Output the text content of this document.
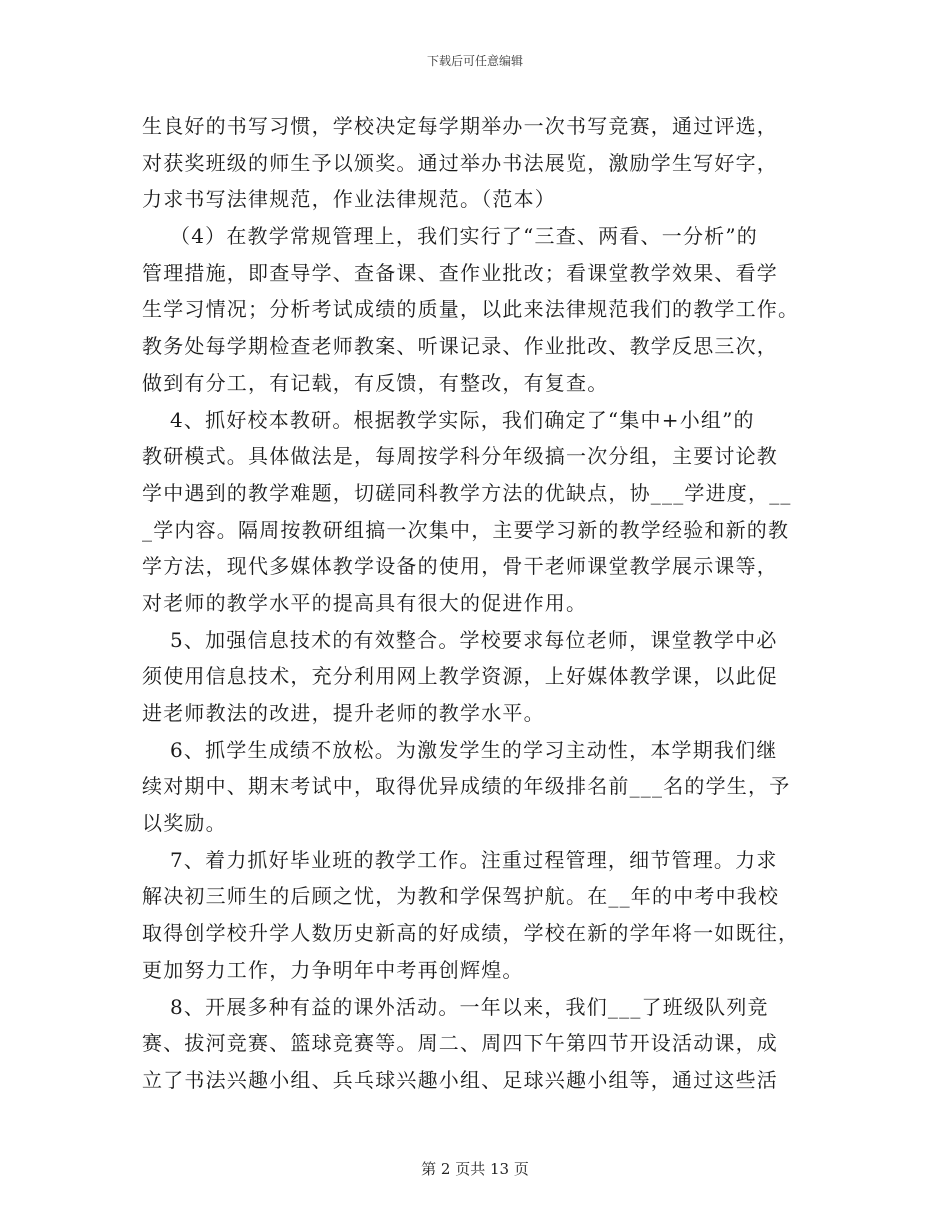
下载后可任意编辑
生良好的书写习惯，学校决定每学期举办一次书写竞赛，通过评选，
对获奖班级的师生予以颁奖。通过举办书法展览，激励学生写好字，
力求书写法律规范，作业法律规范。（范本）
（4）在教学常规管理上，我们实行了“三查、两看、一分析”的
管理措施，即查导学、查备课、查作业批改；看课堂教学效果、看学
生学习情况；分析考试成绩的质量，以此来法律规范我们的教学工作。
教务处每学期检查老师教案、听课记录、作业批改、教学反思三次，
做到有分工，有记载，有反馈，有整改，有复查。
4、抓好校本教研。根据教学实际，我们确定了“集中+小组”的
教研模式。具体做法是，每周按学科分年级搞一次分组，主要讨论教
学中遇到的教学难题，切磋同科教学方法的优缺点，协___学进度，__
_学内容。隔周按教研组搞一次集中，主要学习新的教学经验和新的教
学方法，现代多媒体教学设备的使用，骨干老师课堂教学展示课等，
对老师的教学水平的提高具有很大的促进作用。
5、加强信息技术的有效整合。学校要求每位老师，课堂教学中必
须使用信息技术，充分利用网上教学资源，上好媒体教学课，以此促
进老师教法的改进，提升老师的教学水平。
6、抓学生成绩不放松。为激发学生的学习主动性，本学期我们继
续对期中、期末考试中，取得优异成绩的年级排名前___名的学生，予
以奖励。
7、着力抓好毕业班的教学工作。注重过程管理，细节管理。力求
解决初三师生的后顾之忧，为教和学保驾护航。在__年的中考中我校
取得创学校升学人数历史新高的好成绩，学校在新的学年将一如既往，
更加努力工作，力争明年中考再创辉煌。
8、开展多种有益的课外活动。一年以来，我们___了班级队列竞
赛、拔河竞赛、篮球竞赛等。周二、周四下午第四节开设活动课，成
立了书法兴趣小组、兵乓球兴趣小组、足球兴趣小组等，通过这些活
第 2 页共 13 页
